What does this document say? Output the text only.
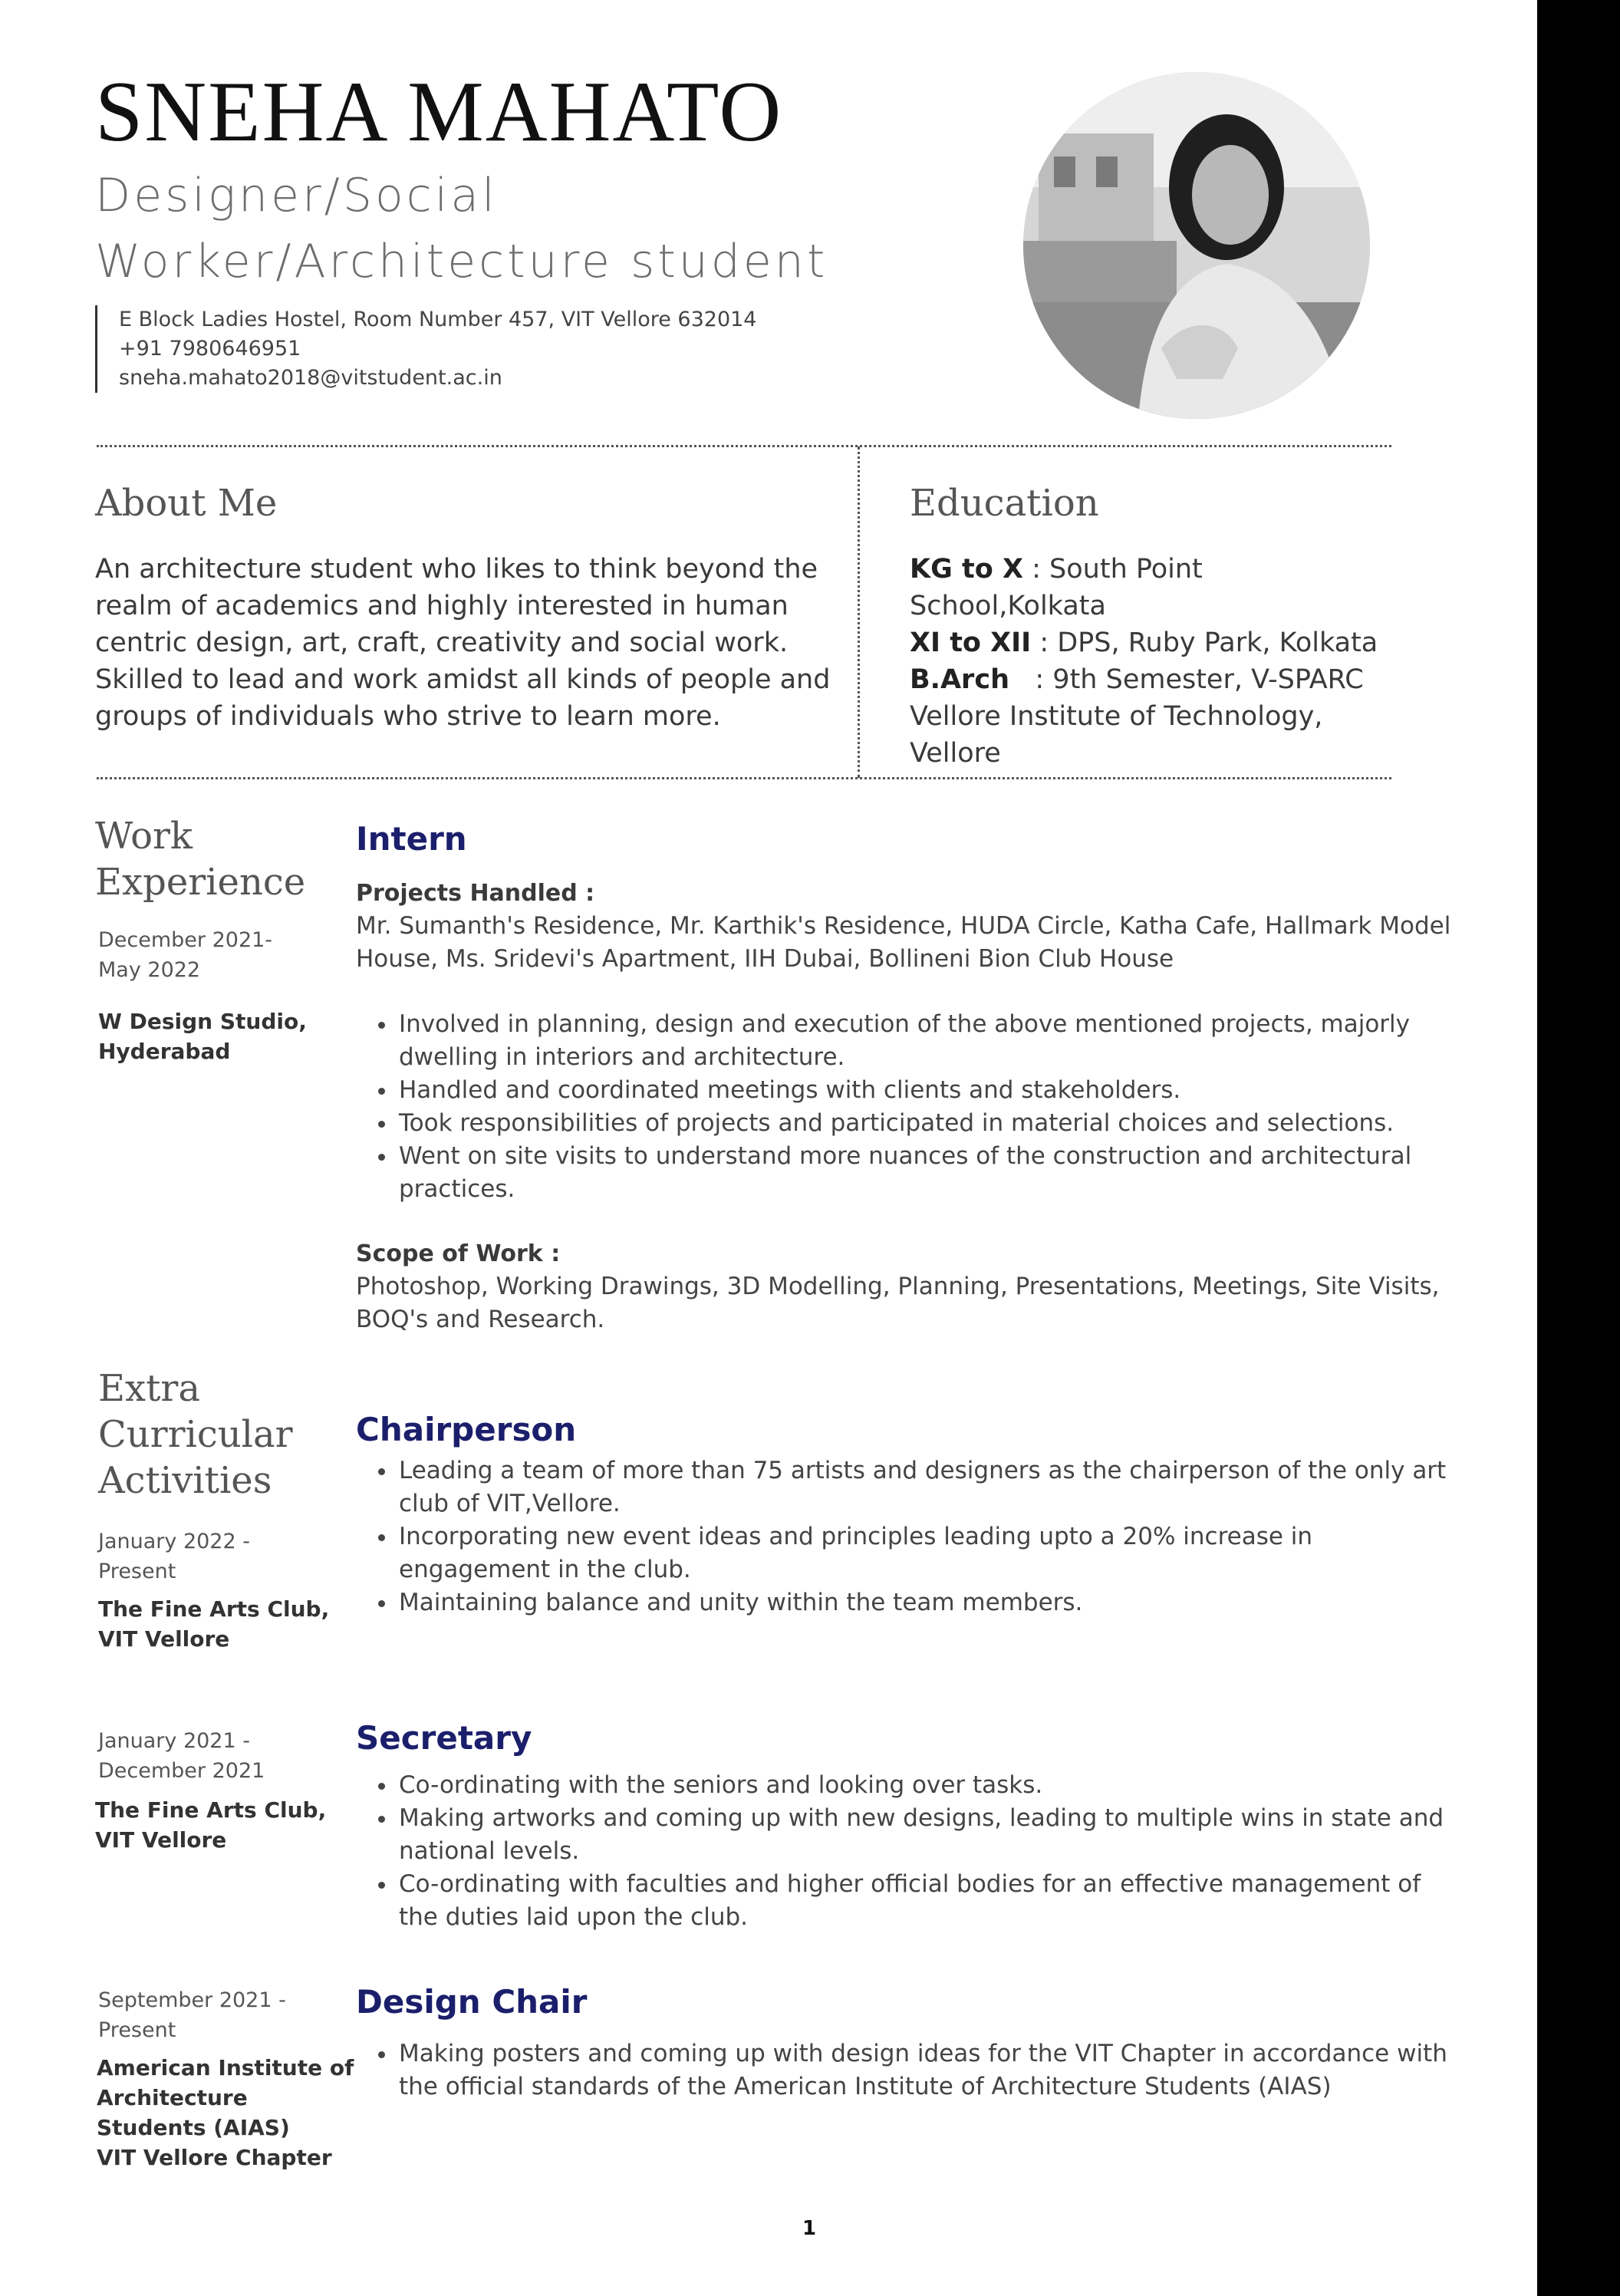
SNEHA MAHATO
Designer/Social
Worker/Architecture student
E Block Ladies Hostel, Room Number 457, VIT Vellore 632014
+91 7980646951
sneha.mahato2018@vitstudent.ac.in
About Me
An architecture student who likes to think beyond the realm of academics and highly interested in human centric design, art, craft, creativity and social work. Skilled to lead and work amidst all kinds of people and groups of individuals who strive to learn more.
Education
KG to X : South Point School,Kolkata
XI to XII : DPS, Ruby Park, Kolkata
B.Arch   : 9th Semester, V-SPARC
Vellore Institute of Technology,
Vellore
Work
Experience
December 2021-
May 2022
W Design Studio,
Hyderabad
Intern
Projects Handled :
Mr. Sumanth's Residence, Mr. Karthik's Residence, HUDA Circle, Katha Cafe, Hallmark Model House, Ms. Sridevi's Apartment, IIH Dubai, Bollineni Bion Club House
• Involved in planning, design and execution of the above mentioned projects, majorly dwelling in interiors and architecture.
• Handled and coordinated meetings with clients and stakeholders.
• Took responsibilities of projects and participated in material choices and selections.
• Went on site visits to understand more nuances of the construction and architectural practices.
Scope of Work :
Photoshop, Working Drawings, 3D Modelling, Planning, Presentations, Meetings, Site Visits, BOQ's and Research.
Extra
Curricular
Activities
January 2022 -
Present
The Fine Arts Club,
VIT Vellore
Chairperson
• Leading a team of more than 75 artists and designers as the chairperson of the only art club of VIT,Vellore.
• Incorporating new event ideas and principles leading upto a 20% increase in engagement in the club.
• Maintaining balance and unity within the team members.
January 2021 -
December 2021
The Fine Arts Club,
VIT Vellore
Secretary
• Co-ordinating with the seniors and looking over tasks.
• Making artworks and coming up with new designs, leading to multiple wins in state and national levels.
• Co-ordinating with faculties and higher official bodies for an effective management of the duties laid upon the club.
September 2021 -
Present
American Institute of
Architecture
Students (AIAS)
VIT Vellore Chapter
Design Chair
• Making posters and coming up with design ideas for the VIT Chapter in accordance with the official standards of the American Institute of Architecture Students (AIAS)
1
